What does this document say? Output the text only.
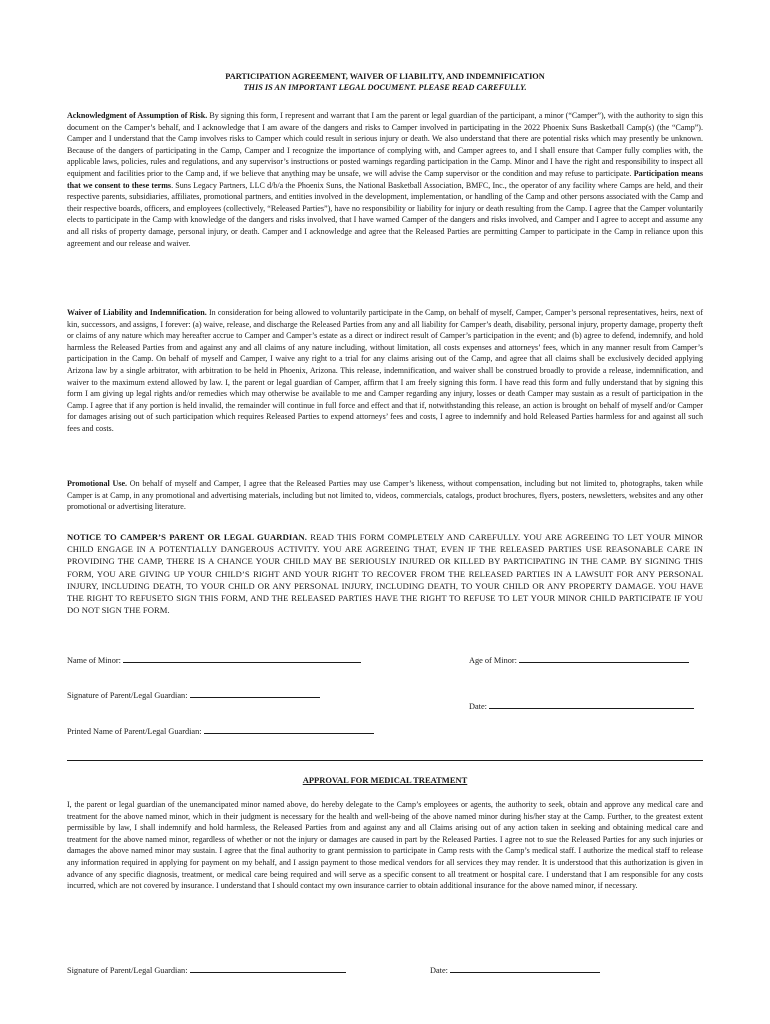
PARTICIPATION AGREEMENT, WAIVER OF LIABILITY, AND INDEMNIFICATION
THIS IS AN IMPORTANT LEGAL DOCUMENT. PLEASE READ CAREFULLY.

Acknowledgment of Assumption of Risk. By signing this form, I represent and warrant that I am the parent or legal guardian of the participant, a minor (“Camper”), with the authority to sign this document on the Camper’s behalf, and I acknowledge that I am aware of the dangers and risks to Camper involved in participating in the 2022 Phoenix Suns Basketball Camp(s) (the “Camp”). Camper and I understand that the Camp involves risks to Camper which could result in serious injury or death. We also understand that there are potential risks which may presently be unknown. Because of the dangers of participating in the Camp, Camper and I recognize the importance of complying with, and Camper agrees to, and I shall ensure that Camper fully complies with, the applicable laws, policies, rules and regulations, and any supervisor’s instructions or posted warnings regarding participation in the Camp. Minor and I have the right and responsibility to inspect all equipment and facilities prior to the Camp and, if we believe that anything may be unsafe, we will advise the Camp supervisor or the condition and may refuse to participate. Participation means that we consent to these terms. Suns Legacy Partners, LLC d/b/a the Phoenix Suns, the National Basketball Association, BMFC, Inc., the operator of any facility where Camps are held, and their respective parents, subsidiaries, affiliates, promotional partners, and entities involved in the development, implementation, or handling of the Camp and other persons associated with the Camp and their respective boards, officers, and employees (collectively, “Released Parties”), have no responsibility or liability for injury or death resulting from the Camp. I agree that the Camper voluntarily elects to participate in the Camp with knowledge of the dangers and risks involved, that I have warned Camper of the dangers and risks involved, and Camper and I agree to accept and assume any and all risks of property damage, personal injury, or death. Camper and I acknowledge and agree that the Released Parties are permitting Camper to participate in the Camp in reliance upon this agreement and our release and waiver.

Waiver of Liability and Indemnification. In consideration for being allowed to voluntarily participate in the Camp, on behalf of myself, Camper, Camper’s personal representatives, heirs, next of kin, successors, and assigns, I forever: (a) waive, release, and discharge the Released Parties from any and all liability for Camper’s death, disability, personal injury, property damage, property theft or claims of any nature which may hereafter accrue to Camper and Camper’s estate as a direct or indirect result of Camper’s participation in the event; and (b) agree to defend, indemnify, and hold harmless the Released Parties from and against any and all claims of any nature including, without limitation, all costs expenses and attorneys’ fees, which in any manner result from Camper’s participation in the Camp. On behalf of myself and Camper, I waive any right to a trial for any claims arising out of the Camp, and agree that all claims shall be exclusively decided applying Arizona law by a single arbitrator, with arbitration to be held in Phoenix, Arizona. This release, indemnification, and waiver shall be construed broadly to provide a release, indemnification, and waiver to the maximum extend allowed by law. I, the parent or legal guardian of Camper, affirm that I am freely signing this form. I have read this form and fully understand that by signing this form I am giving up legal rights and/or remedies which may otherwise be available to me and Camper regarding any injury, losses or death Camper may sustain as a result of participation in the Camp. I agree that if any portion is held invalid, the remainder will continue in full force and effect and that if, notwithstanding this release, an action is brought on behalf of myself and/or Camper for damages arising out of such participation which requires Released Parties to expend attorneys’ fees and costs, I agree to indemnify and hold Released Parties harmless for and against all such fees and costs.

Promotional Use. On behalf of myself and Camper, I agree that the Released Parties may use Camper’s likeness, without compensation, including but not limited to, photographs, taken while Camper is at Camp, in any promotional and advertising materials, including but not limited to, videos, commercials, catalogs, product brochures, flyers, posters, newsletters, websites and any other promotional or advertising literature.

NOTICE TO CAMPER’S PARENT OR LEGAL GUARDIAN. READ THIS FORM COMPLETELY AND CAREFULLY. YOU ARE AGREEING TO LET YOUR MINOR CHILD ENGAGE IN A POTENTIALLY DANGEROUS ACTIVITY. YOU ARE AGREEING THAT, EVEN IF THE RELEASED PARTIES USE REASONABLE CARE IN PROVIDING THE CAMP, THERE IS A CHANCE YOUR CHILD MAY BE SERIOUSLY INJURED OR KILLED BY PARTICIPATING IN THE CAMP. BY SIGNING THIS FORM, YOU ARE GIVING UP YOUR CHILD’S RIGHT AND YOUR RIGHT TO RECOVER FROM THE RELEASED PARTIES IN A LAWSUIT FOR ANY PERSONAL INJURY, INCLUDING DEATH, TO YOUR CHILD OR ANY PERSONAL INJURY, INCLUDING DEATH, TO YOUR CHILD OR ANY PROPERTY DAMAGE. YOU HAVE THE RIGHT TO REFUSETO SIGN THIS FORM, AND THE RELEASED PARTIES HAVE THE RIGHT TO REFUSE TO LET YOUR MINOR CHILD PARTICIPATE IF YOU DO NOT SIGN THE FORM.

Name of Minor:	Age of Minor:
Signature of Parent/Legal Guardian:
Date:
Printed Name of Parent/Legal Guardian:
APPROVAL FOR MEDICAL TREATMENT

I, the parent or legal guardian of the unemancipated minor named above, do hereby delegate to the Camp’s employees or agents, the authority to seek, obtain and approve any medical care and treatment for the above named minor, which in their judgment is necessary for the health and well-being of the above named minor during his/her stay at the Camp. Further, to the greatest extent permissible by law, I shall indemnify and hold harmless, the Released Parties from and against any and all Claims arising out of any action taken in seeking and obtaining medical care and treatment for the above named minor, regardless of whether or not the injury or damages are caused in part by the Released Parties. I agree not to sue the Released Parties for any such injuries or damages the above named minor may sustain. I agree that the final authority to grant permission to participate in Camp rests with the Camp’s medical staff. I authorize the medical staff to release any information required in applying for payment on my behalf, and I assign payment to those medical vendors for all services they may render. It is understood that this authorization is given in advance of any specific diagnosis, treatment, or medical care being required and will serve as a specific consent to all treatment or hospital care. I understand that I am responsible for any costs incurred, which are not covered by insurance. I understand that I should contact my own insurance carrier to obtain additional insurance for the above named minor, if necessary.

Signature of Parent/Legal Guardian:	Date:
